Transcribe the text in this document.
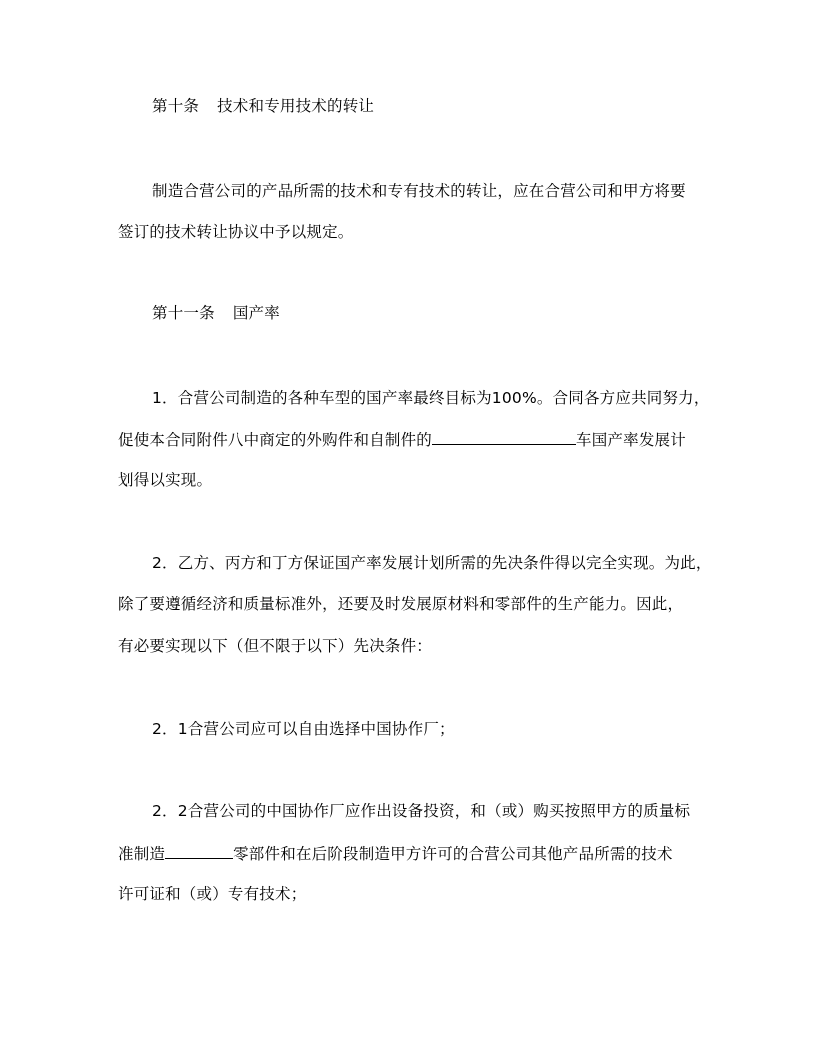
第十条 技术和专用技术的转让
制造合营公司的产品所需的技术和专有技术的转让，应在合营公司和甲方将要
签订的技术转让协议中予以规定。
第十一条 国产率
1．合营公司制造的各种车型的国产率最终目标为100%。合同各方应共同努力，
促使本合同附件八中商定的外购件和自制件的	车国产率发展计
划得以实现。
2．乙方、丙方和丁方保证国产率发展计划所需的先决条件得以完全实现。为此，
除了要遵循经济和质量标准外，还要及时发展原材料和零部件的生产能力。因此，
有必要实现以下（但不限于以下）先决条件：
2．1合营公司应可以自由选择中国协作厂；
2．2合营公司的中国协作厂应作出设备投资，和（或）购买按照甲方的质量标
准制造	零部件和在后阶段制造甲方许可的合营公司其他产品所需的技术
许可证和（或）专有技术；
